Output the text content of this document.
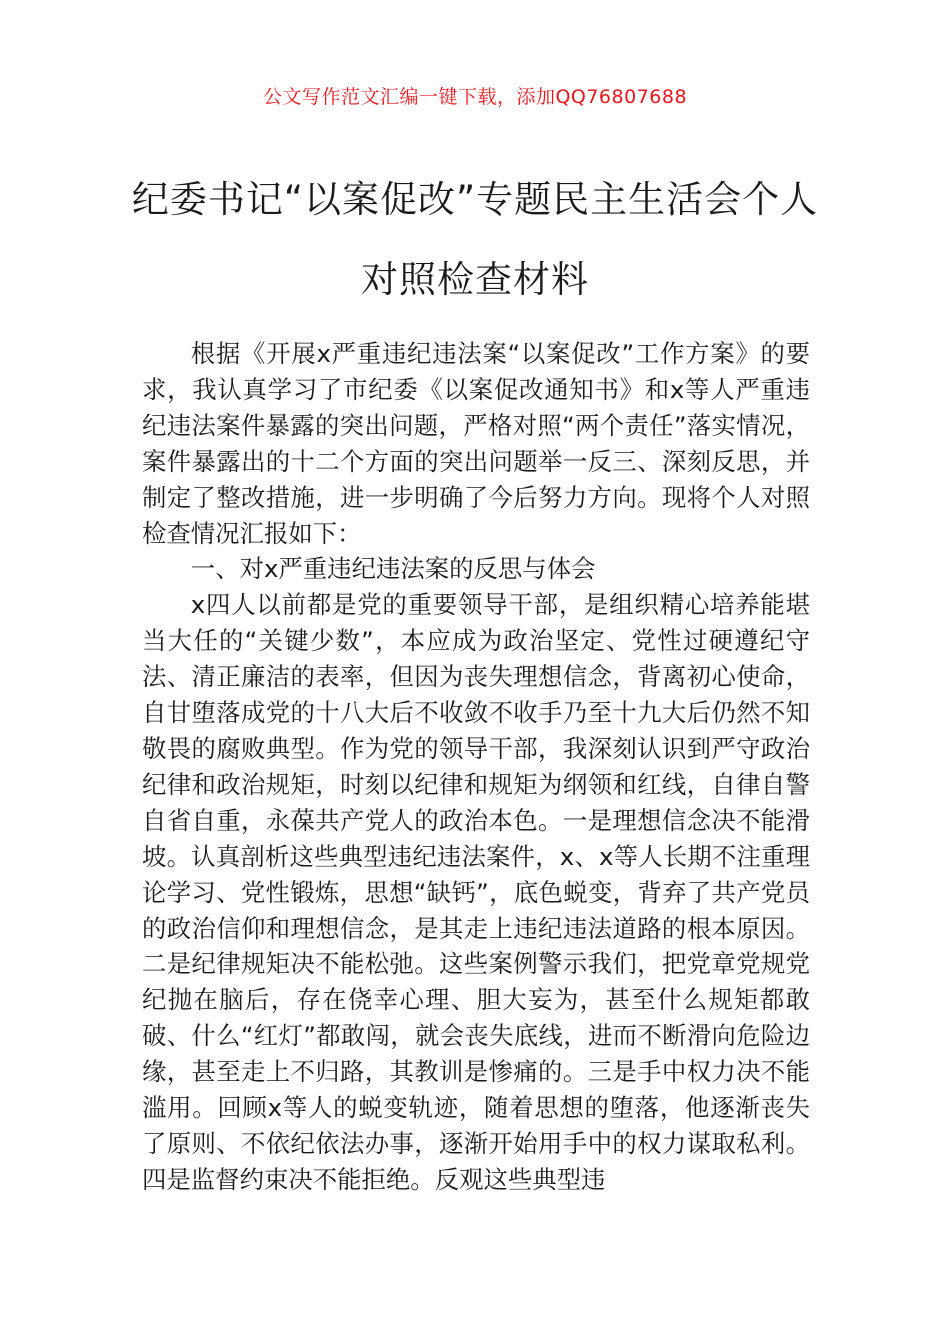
公文写作范文汇编一键下载，添加QQ76807688
纪委书记“以案促改”专题民主生活会个人对照检查材料

根据《开展x严重违纪违法案“以案促改”工作方案》的要求，我认真学习了市纪委《以案促改通知书》和x等人严重违纪违法案件暴露的突出问题，严格对照“两个责任”落实情况，案件暴露出的十二个方面的突出问题举一反三、深刻反思，并制定了整改措施，进一步明确了今后努力方向。现将个人对照检查情况汇报如下：

一、对x严重违纪违法案的反思与体会

x四人以前都是党的重要领导干部，是组织精心培养能堪当大任的“关键少数”，本应成为政治坚定、党性过硬遵纪守法、清正廉洁的表率，但因为丧失理想信念，背离初心使命，自甘堕落成党的十八大后不收敛不收手乃至十九大后仍然不知敬畏的腐败典型。作为党的领导干部，我深刻认识到严守政治纪律和政治规矩，时刻以纪律和规矩为纲领和红线，自律自警自省自重，永葆共产党人的政治本色。一是理想信念决不能滑坡。认真剖析这些典型违纪违法案件，x、x等人长期不注重理论学习、党性锻炼，思想“缺钙”，底色蜕变，背弃了共产党员的政治信仰和理想信念，是其走上违纪违法道路的根本原因。二是纪律规矩决不能松弛。这些案例警示我们，把党章党规党纪抛在脑后，存在侥幸心理、胆大妄为，甚至什么规矩都敢破、什么“红灯”都敢闯，就会丧失底线，进而不断滑向危险边缘，甚至走上不归路，其教训是惨痛的。三是手中权力决不能滥用。回顾x等人的蜕变轨迹，随着思想的堕落，他逐渐丧失了原则、不依纪依法办事，逐渐开始用手中的权力谋取私利。四是监督约束决不能拒绝。反观这些典型违
